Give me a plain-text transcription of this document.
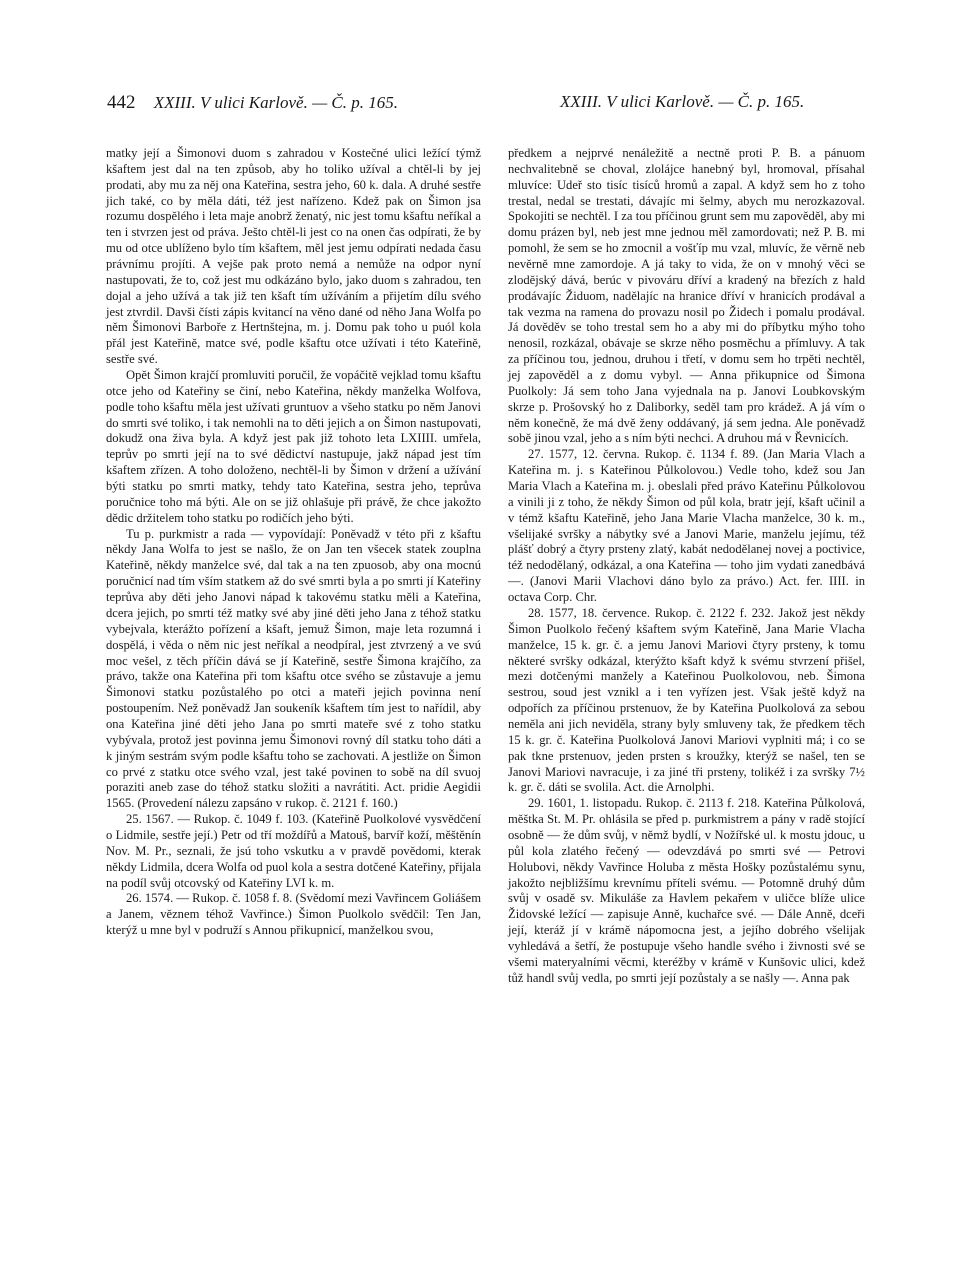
442 XXIII. V ulici Karlově. — Č. p. 165.	XXIII. V ulici Karlově. — Č. p. 165.

matky její a Šimonovi duom s zahradou v Kostečné ulici ležící týmž kšaftem jest dal na ten způsob, aby ho toliko užíval a chtěl-li by jej prodati, aby mu za něj ona Kateřina, sestra jeho, 60 k. dala. A druhé sestře jich také, co by měla dáti, též jest nařízeno. Kdež pak on Šimon jsa rozumu dospělého i leta maje anobrž ženatý, nic jest tomu kšaftu neříkal a ten i stvrzen jest od práva. Ješto chtěl-li jest co na onen čas odpírati, že by mu od otce ublíženo bylo tím kšaftem, měl jest jemu odpírati nedada času právnímu projíti. A vejše pak proto nemá a nemůže na odpor nyní nastupovati, že to, což jest mu odkázáno bylo, jako duom s zahradou, ten dojal a jeho užívá a tak již ten kšaft tím užíváním a přijetím dílu svého jest ztvrdil. Davši čísti zápis kvitancí na věno dané od něho Jana Wolfa po něm Šimonovi Barboře z Hertnštejna, m. j. Domu pak toho u puól kola přál jest Kateřině, matce své, podle kšaftu otce užívati i této Kateřině, sestře své.

Opět Šimon krajčí promluviti poručil, že vopáčitě vejklad tomu kšaftu otce jeho od Kateřiny se činí, nebo Kateřina, někdy manželka Wolfova, podle toho kšaftu měla jest užívati gruntuov a všeho statku po něm Janovi do smrti své toliko, i tak nemohli na to děti jejich a on Šimon nastupovati, dokudž ona živa byla. A když jest pak již tohoto leta LXIIII. umřela, teprův po smrti její na to své dědictví nastupuje, jakž nápad jest tím kšaftem zřízen. A toho doloženo, nechtěl-li by Šimon v držení a užívání býti statku po smrti matky, tehdy tato Kateřina, sestra jeho, teprůva poručnice toho má býti. Ale on se již ohlašuje při právě, že chce jakožto dědic držitelem toho statku po rodičích jeho býti.

Tu p. purkmistr a rada — vypovídají: Poněvadž v této při z kšaftu někdy Jana Wolfa to jest se našlo, že on Jan ten všecek statek zouplna Kateřině, někdy manželce své, dal tak a na ten zpuosob, aby ona mocnú poručnicí nad tím vším statkem až do své smrti byla a po smrti jí Kateřiny teprůva aby děti jeho Janovi nápad k takovému statku měli a Kateřina, dcera jejich, po smrti též matky své aby jiné děti jeho Jana z téhož statku vybejvala, kterážto pořízení a kšaft, jemuž Šimon, maje leta rozumná i dospělá, i věda o něm nic jest neříkal a neodpíral, jest ztvrzený a ve svú moc vešel, z těch příčin dává se jí Kateřině, sestře Šimona krajčího, za právo, takže ona Kateřina při tom kšaftu otce svého se zůstavuje a jemu Šimonovi statku pozůstalého po otci a mateři jejich povinna není postoupením. Než poněvadž Jan soukeník kšaftem tím jest to nařídil, aby ona Kateřina jiné děti jeho Jana po smrti mateře své z toho statku vybývala, protož jest povinna jemu Šimonovi rovný díl statku toho dáti a k jiným sestrám svým podle kšaftu toho se zachovati. A jestliže on Šimon co prvé z statku otce svého vzal, jest také povinen to sobě na díl svuoj poraziti aneb zase do téhož statku složiti a navrátiti. Act. pridie Aegidii 1565. (Provedení nálezu zapsáno v rukop. č. 2121 f. 160.)

25. 1567. — Rukop. č. 1049 f. 103. (Kateřině Puolkolové vysvědčení o Lidmile, sestře její.) Petr od tří moždířů a Matouš, barvíř koží, měštěnín Nov. M. Pr., seznali, že jsú toho vskutku a v pravdě povědomi, kterak někdy Lidmila, dcera Wolfa od puol kola a sestra dotčené Kateřiny, přijala na podíl svůj otcovský od Kateřiny LVI k. m.

26. 1574. — Rukop. č. 1058 f. 8. (Svědomí mezi Vavřincem Goliášem a Janem, věznem téhož Vavřince.) Šimon Puolkolo svědčil: Ten Jan, kterýž u mne byl v podruží s Annou přikupnicí, manželkou svou,

předkem a nejprvé nenáležitě a nectně proti P. B. a pánuom nechvalitebně se choval, zlolájce hanebný byl, hromoval, přísahal mluvíce: Udeř sto tisíc tisíců hromů a zapal. A když sem ho z toho trestal, nedal se trestati, dávajíc mi šelmy, abych mu nerozkazoval. Spokojiti se nechtěl. I za tou příčinou grunt sem mu zapověděl, aby mi domu prázen byl, neb jest mne jednou měl zamordovati; než P. B. mi pomohl, že sem se ho zmocnil a vošťíp mu vzal, mluvíc, že věrně neb nevěrně mne zamordoje. A já taky to vida, že on v mnohý věci se zlodějský dává, berúc v pivováru dříví a kradený na březích z hald prodávajíc Židuom, nadělajíc na hranice dříví v hranicích prodával a tak vezma na ramena do provazu nosil po Židech i pomalu prodával. Já dověděv se toho trestal sem ho a aby mi do příbytku mýho toho nenosil, rozkázal, obávaje se skrze něho posměchu a přímluvy. A tak za příčinou tou, jednou, druhou i třetí, v domu sem ho trpěti nechtěl, jej zapověděl a z domu vybyl. — Anna přikupnice od Šimona Puolkoly: Já sem toho Jana vyjednala na p. Janovi Loubkovským skrze p. Prošovský ho z Daliborky, seděl tam pro krádež. A já vím o něm konečně, že má dvě ženy oddávaný, já sem jedna. Ale poněvadž sobě jinou vzal, jeho a s ním býti nechci. A druhou má v Řevnicích.

27. 1577, 12. června. Rukop. č. 1134 f. 89. (Jan Maria Vlach a Kateřina m. j. s Kateřinou Půlkolovou.) Vedle toho, kdež sou Jan Maria Vlach a Kateřina m. j. obeslali před právo Kateřinu Půlkolovou a vinili ji z toho, že někdy Šimon od půl kola, bratr její, kšaft učinil a v témž kšaftu Kateřině, jeho Jana Marie Vlacha manželce, 30 k. m., všelijaké svršky a nábytky své a Janovi Marie, manželu jejímu, též plášť dobrý a čtyry prsteny zlatý, kabát nedodělanej novej a poctivice, též nedodělaný, odkázal, a ona Kateřina — toho jim vydati zanedbává —. (Janovi Marii Vlachovi dáno bylo za právo.) Act. fer. IIII. in octava Corp. Chr.

28. 1577, 18. července. Rukop. č. 2122 f. 232. Jakož jest někdy Šimon Puolkolo řečený kšaftem svým Kateřině, Jana Marie Vlacha manželce, 15 k. gr. č. a jemu Janovi Mariovi čtyry prsteny, k tomu některé svršky odkázal, kterýžto kšaft když k svému stvrzení přišel, mezi dotčenými manžely a Kateřinou Puolkolovou, neb. Šimona sestrou, soud jest vznikl a i ten vyřízen jest. Však ještě když na odpořích za příčinou prstenuov, že by Kateřina Puolkolová za sebou neměla ani jich neviděla, strany byly smluveny tak, že předkem těch 15 k. gr. č. Kateřina Puolkolová Janovi Mariovi vyplniti má; i co se pak tkne prstenuov, jeden prsten s kroužky, kterýž se našel, ten se Janovi Mariovi navracuje, i za jiné tři prsteny, tolikéž i za svršky 7½ k. gr. č. dáti se svolila. Act. die Arnolphi.

29. 1601, 1. listopadu. Rukop. č. 2113 f. 218. Kateřina Půlkolová, měštka St. M. Pr. ohlásila se před p. purkmistrem a pány v radě stojící osobně — že dům svůj, v němž bydlí, v Nožířské ul. k mostu jdouc, u půl kola zlatého řečený — odevzdává po smrti své — Petrovi Holubovi, někdy Vavřince Holuba z města Hošky pozůstalému synu, jakožto nejbližšímu krevnímu příteli svému. — Potomně druhý dům svůj v osadě sv. Mikuláše za Havlem pekařem v uličce blíže ulice Židovské ležící — zapisuje Anně, kuchařce své. — Dále Anně, dceři její, kteráž jí v krámě nápomocna jest, a jejího dobrého všelijak vyhledává a šetří, že postupuje všeho handle svého i živnosti své se všemi materyalními věcmi, kteréžby v krámě v Kunšovic ulici, kdež tůž handl svůj vedla, po smrti její pozůstaly a se našly —. Anna pak
